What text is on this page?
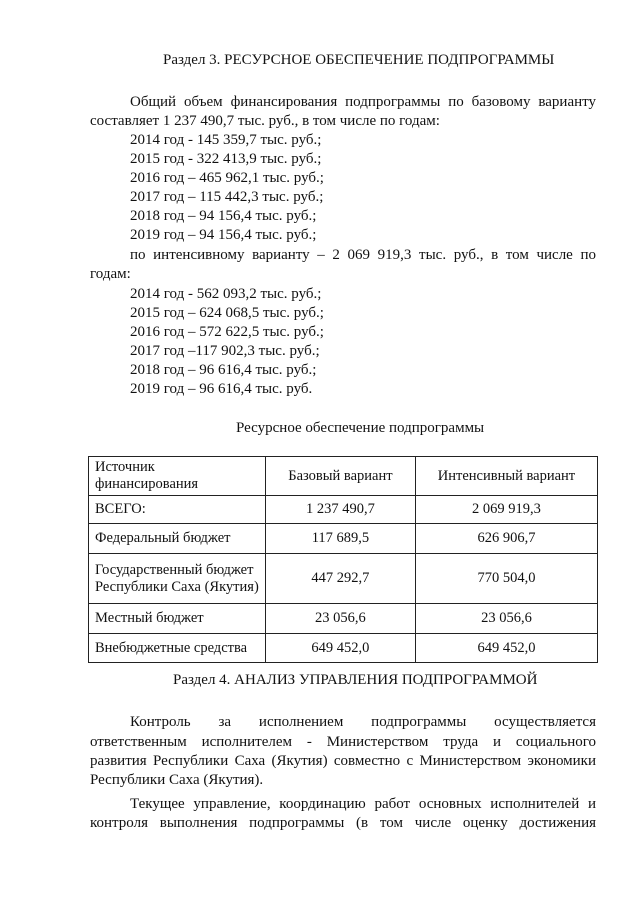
Раздел 3. РЕСУРСНОЕ ОБЕСПЕЧЕНИЕ ПОДПРОГРАММЫ
Общий объем финансирования подпрограммы по базовому варианту
составляет 1 237 490,7 тыс. руб., в том числе по годам:
2014 год - 145 359,7 тыс. руб.;
2015 год - 322 413,9 тыс. руб.;
2016 год – 465 962,1 тыс. руб.;
2017 год – 115 442,3 тыс. руб.;
2018 год – 94 156,4 тыс. руб.;
2019 год – 94 156,4 тыс. руб.;
по интенсивному варианту – 2 069 919,3 тыс. руб., в том числе по
годам:
2014 год - 562 093,2 тыс. руб.;
2015 год – 624 068,5 тыс. руб.;
2016 год – 572 622,5 тыс. руб.;
2017 год –117 902,3 тыс. руб.;
2018 год – 96 616,4 тыс. руб.;
2019 год – 96 616,4 тыс. руб.
Ресурсное обеспечение подпрограммы
Источник финансирования	Базовый вариант	Интенсивный вариант
ВСЕГО:	1 237 490,7	2 069 919,3
Федеральный бюджет	117 689,5	626 906,7

Государственный бюджет
Республики Саха (Якутия)	447 292,7	770 504,0
Местный бюджет	23 056,6	23 056,6
Внебюджетные средства	649 452,0	649 452,0
Раздел 4. АНАЛИЗ УПРАВЛЕНИЯ ПОДПРОГРАММОЙ
Контроль за исполнением подпрограммы осуществляется
ответственным исполнителем - Министерством труда и социального
развития Республики Саха (Якутия) совместно с Министерством экономики
Республики Саха (Якутия).
Текущее управление, координацию работ основных исполнителей и
контроля выполнения подпрограммы (в том числе оценку достижения
